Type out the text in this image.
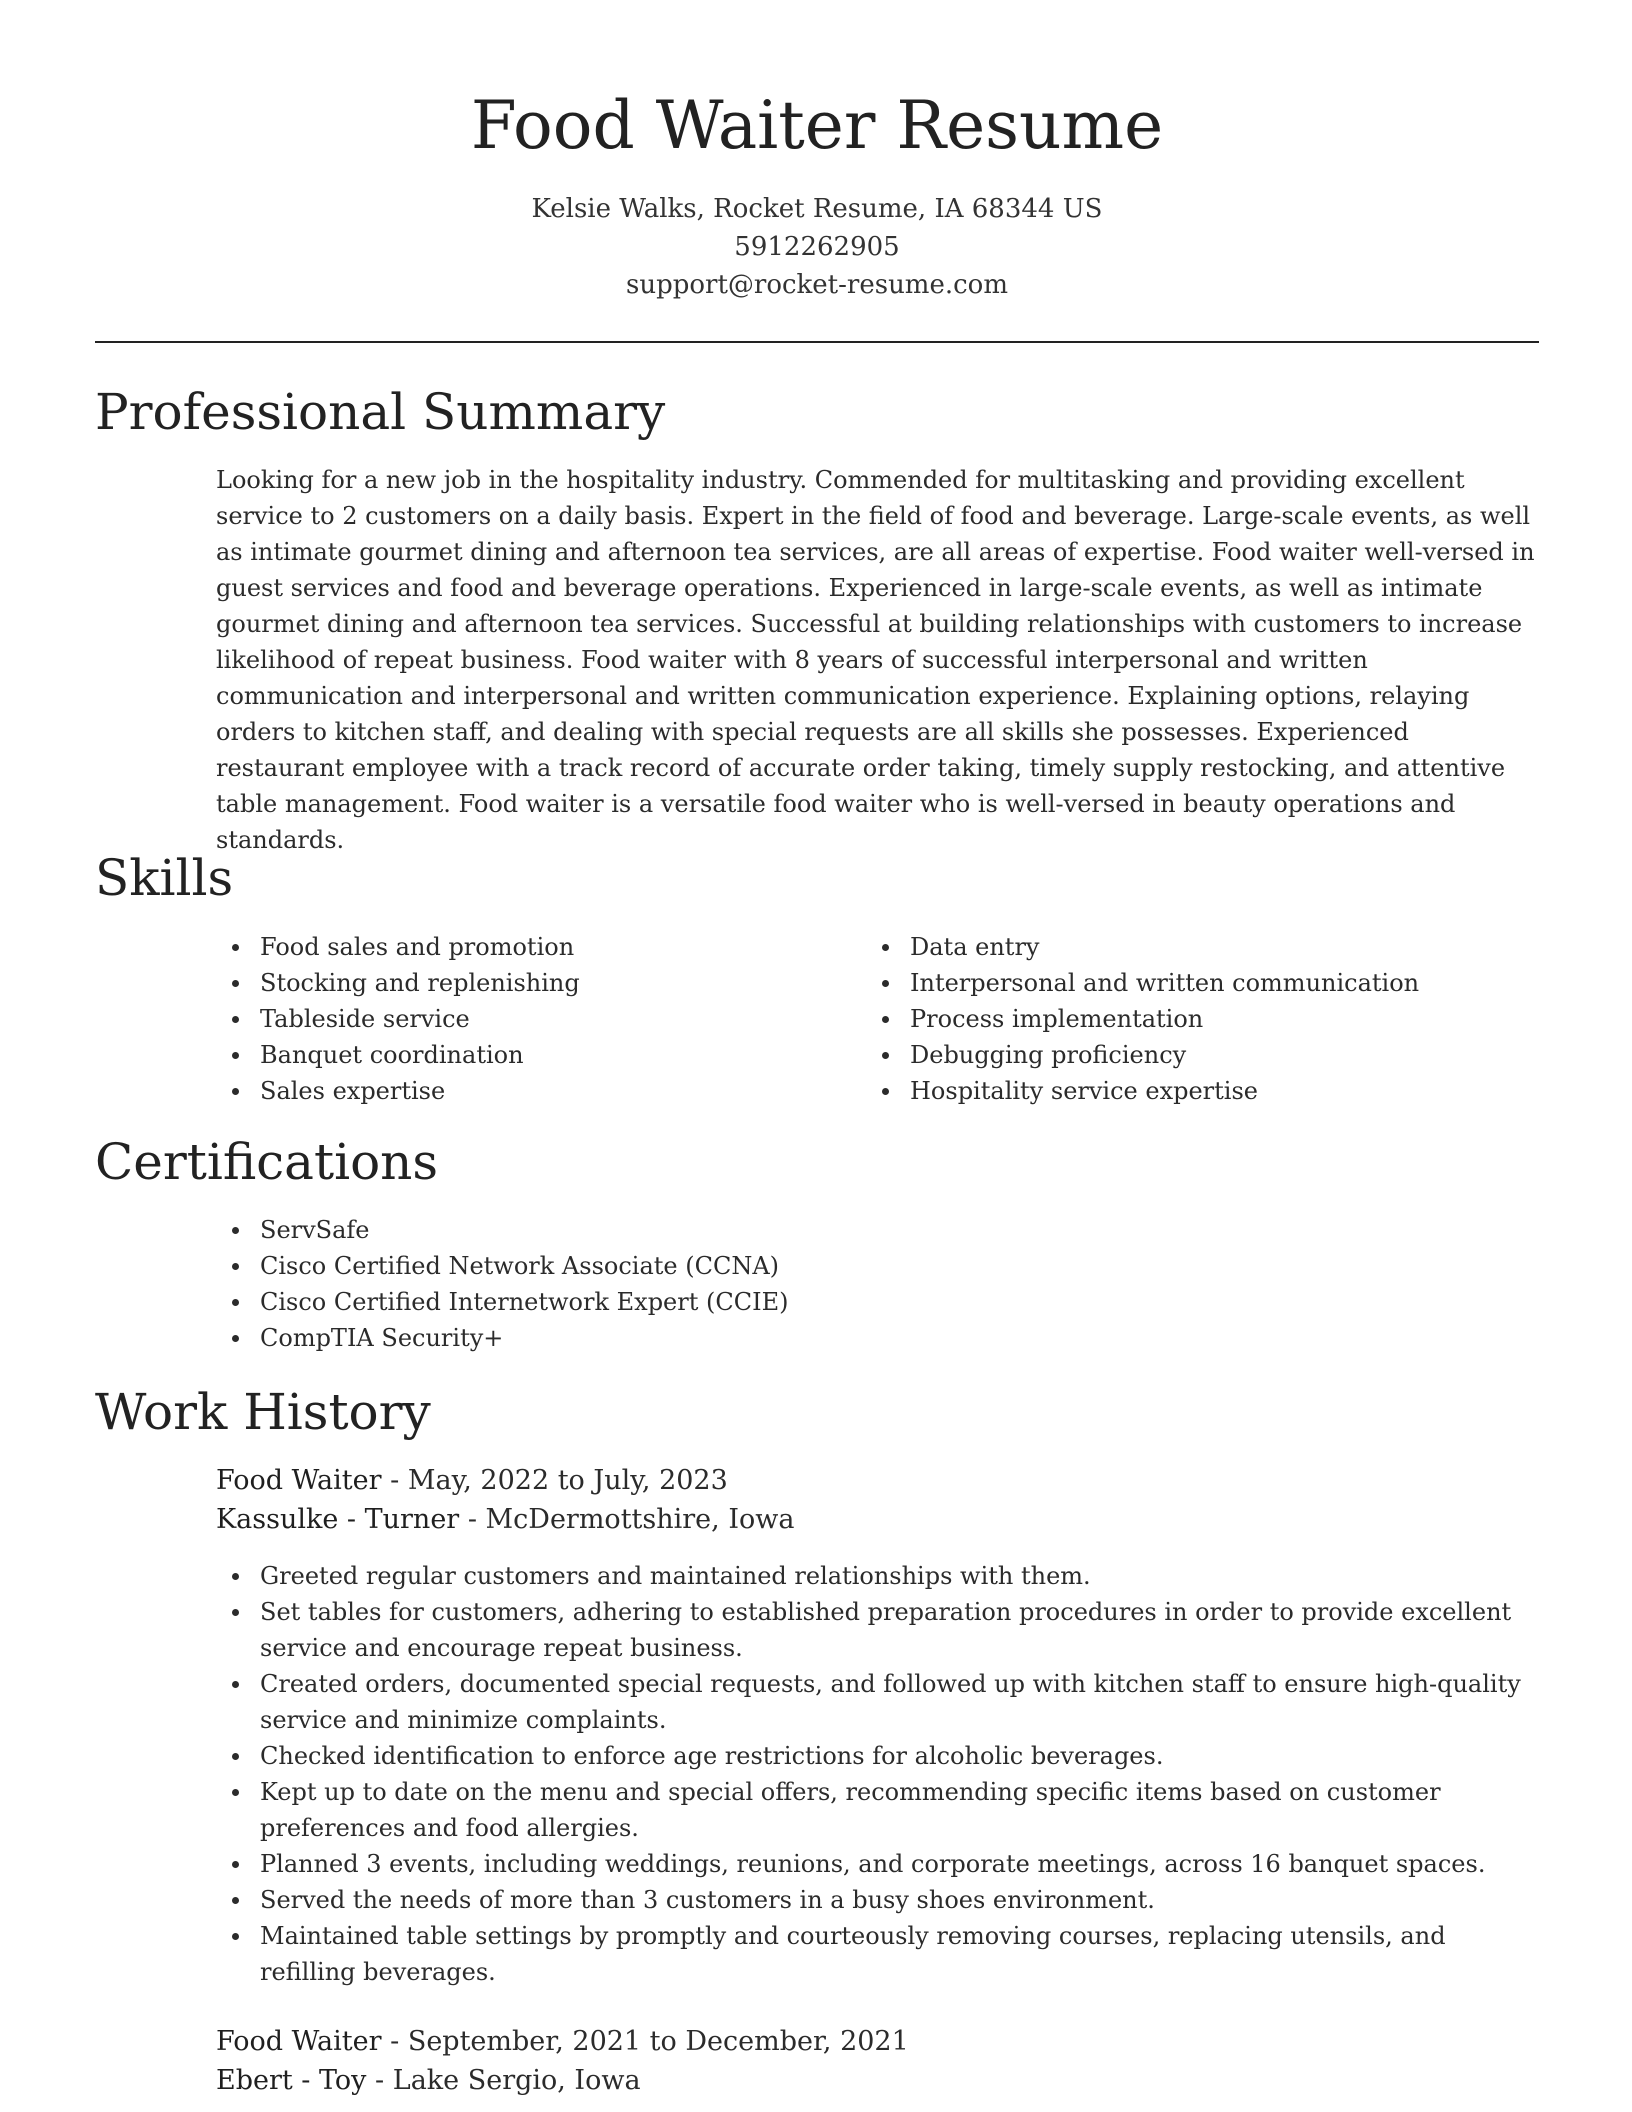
Food Waiter Resume
Kelsie Walks, Rocket Resume, IA 68344 US
5912262905
support@rocket-resume.com
Professional Summary

Looking for a new job in the hospitality industry. Commended for multitasking and providing excellent service to 2 customers on a daily basis. Expert in the field of food and beverage. Large-scale events, as well as intimate gourmet dining and afternoon tea services, are all areas of expertise. Food waiter well-versed in guest services and food and beverage operations. Experienced in large-scale events, as well as intimate gourmet dining and afternoon tea services. Successful at building relationships with customers to increase likelihood of repeat business. Food waiter with 8 years of successful interpersonal and written communication and interpersonal and written communication experience. Explaining options, relaying orders to kitchen staff, and dealing with special requests are all skills she possesses. Experienced restaurant employee with a track record of accurate order taking, timely supply restocking, and attentive table management. Food waiter is a versatile food waiter who is well-versed in beauty operations and standards.

Skills
Food sales and promotion
Stocking and replenishing
Tableside service
Banquet coordination
Sales expertise
Data entry
Interpersonal and written communication
Process implementation
Debugging proficiency
Hospitality service expertise
Certifications
ServSafe
Cisco Certified Network Associate (CCNA)
Cisco Certified Internetwork Expert (CCIE)
CompTIA Security+
Work History
Food Waiter - May, 2022 to July, 2023
Kassulke - Turner - McDermottshire, Iowa
Greeted regular customers and maintained relationships with them.
Set tables for customers, adhering to established preparation procedures in order to provide excellent service and encourage repeat business.
Created orders, documented special requests, and followed up with kitchen staff to ensure high-quality service and minimize complaints.
Checked identification to enforce age restrictions for alcoholic beverages.
Kept up to date on the menu and special offers, recommending specific items based on customer preferences and food allergies.
Planned 3 events, including weddings, reunions, and corporate meetings, across 16 banquet spaces.
Served the needs of more than 3 customers in a busy shoes environment.
Maintained table settings by promptly and courteously removing courses, replacing utensils, and refilling beverages.
Food Waiter - September, 2021 to December, 2021
Ebert - Toy - Lake Sergio, Iowa
